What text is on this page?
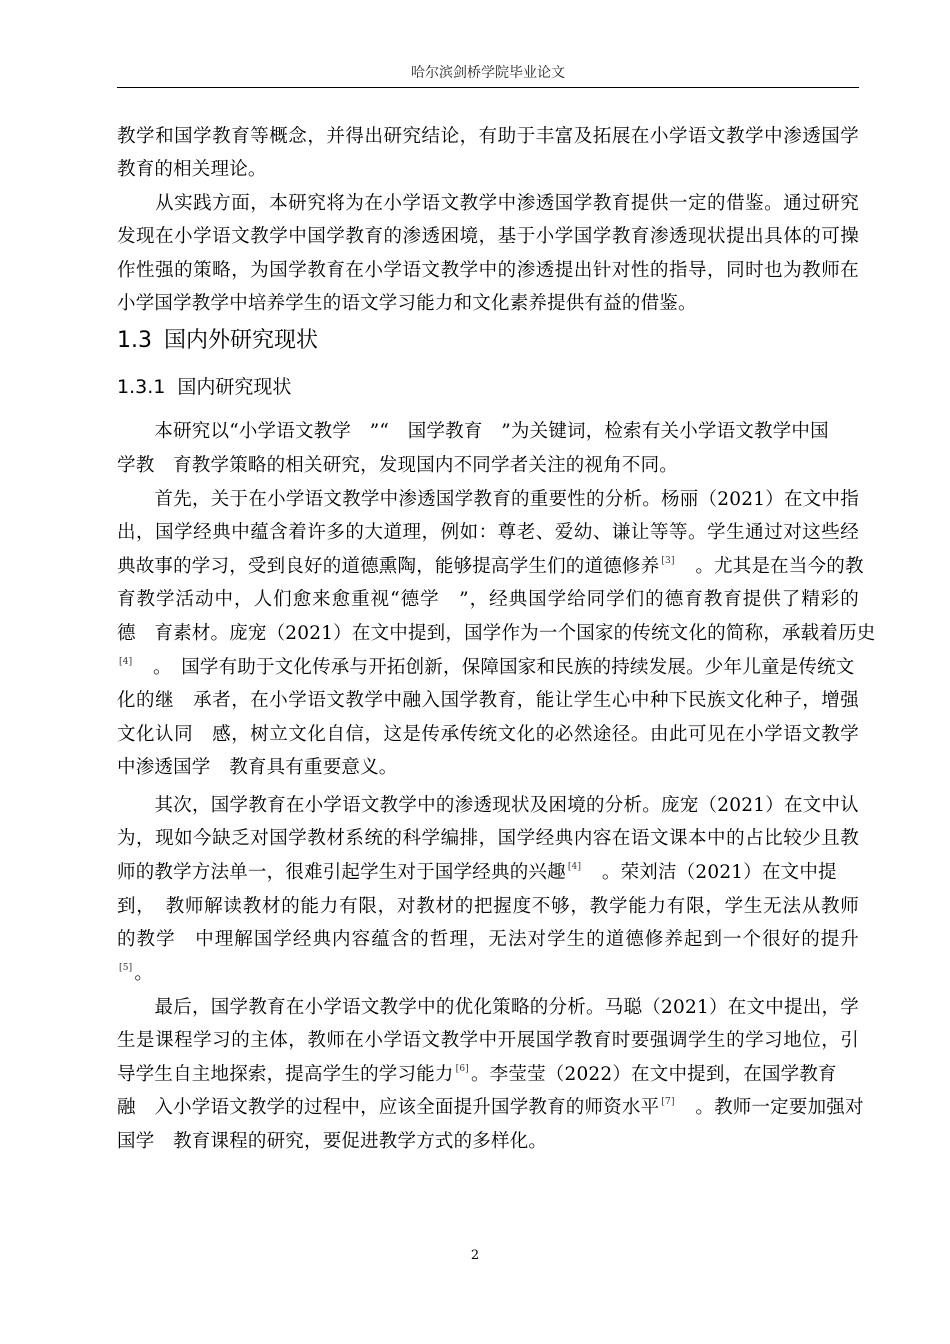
哈尔滨剑桥学院毕业论文
教学和国学教育等概念，并得出研究结论，有助于丰富及拓展在小学语文教学中渗透国学
教育的相关理论。
　　从实践方面，本研究将为在小学语文教学中渗透国学教育提供一定的借鉴。通过研究
发现在小学语文教学中国学教育的渗透困境，基于小学国学教育渗透现状提出具体的可操
作性强的策略，为国学教育在小学语文教学中的渗透提出针对性的指导，同时也为教师在
小学国学教学中培养学生的语文学习能力和文化素养提供有益的借鉴。
1.3 国内外研究现状
1.3.1 国内研究现状
　　本研究以“小学语文教学　”“　国学教育　”为关键词，检索有关小学语文教学中国
学教　育教学策略的相关研究，发现国内不同学者关注的视角不同。
　　首先，关于在小学语文教学中渗透国学教育的重要性的分析。杨丽（2021）在文中指
出，国学经典中蕴含着许多的大道理，例如：尊老、爱幼、谦让等等。学生通过对这些经
典故事的学习，受到良好的道德熏陶，能够提高学生们的道德修养 [3]　。尤其是在当今的教
育教学活动中，人们愈来愈重视“德学　”，经典国学给同学们的德育教育提供了精彩的
德　育素材。庞宠（2021）在文中提到，国学作为一个国家的传统文化的简称，承载着历史
[4]　。　国学有助于文化传承与开拓创新，保障国家和民族的持续发展。少年儿童是传统文
化的继　承者，在小学语文教学中融入国学教育，能让学生心中种下民族文化种子，增强
文化认同　感，树立文化自信，这是传承传统文化的必然途径。由此可见在小学语文教学
中渗透国学　教育具有重要意义。
　　其次，国学教育在小学语文教学中的渗透现状及困境的分析。庞宠（2021）在文中认
为，现如今缺乏对国学教材系统的科学编排，国学经典内容在语文课本中的占比较少且教
师的教学方法单一，很难引起学生对于国学经典的兴趣 [4]　。荣刘洁（2021）在文中提
到，　教师解读教材的能力有限，对教材的把握度不够，教学能力有限，学生无法从教师
的教学　中理解国学经典内容蕴含的哲理，无法对学生的道德修养起到一个很好的提升
[5] 。
　　最后，国学教育在小学语文教学中的优化策略的分析。马聪（2021）在文中提出，学
生是课程学习的主体，教师在小学语文教学中开展国学教育时要强调学生的学习地位，引
导学生自主地探索，提高学生的学习能力 [6] 。李莹莹（2022）在文中提到，在国学教育
融　入小学语文教学的过程中，应该全面提升国学教育的师资水平 [7]　。教师一定要加强对
国学　教育课程的研究，要促进教学方式的多样化。
2
